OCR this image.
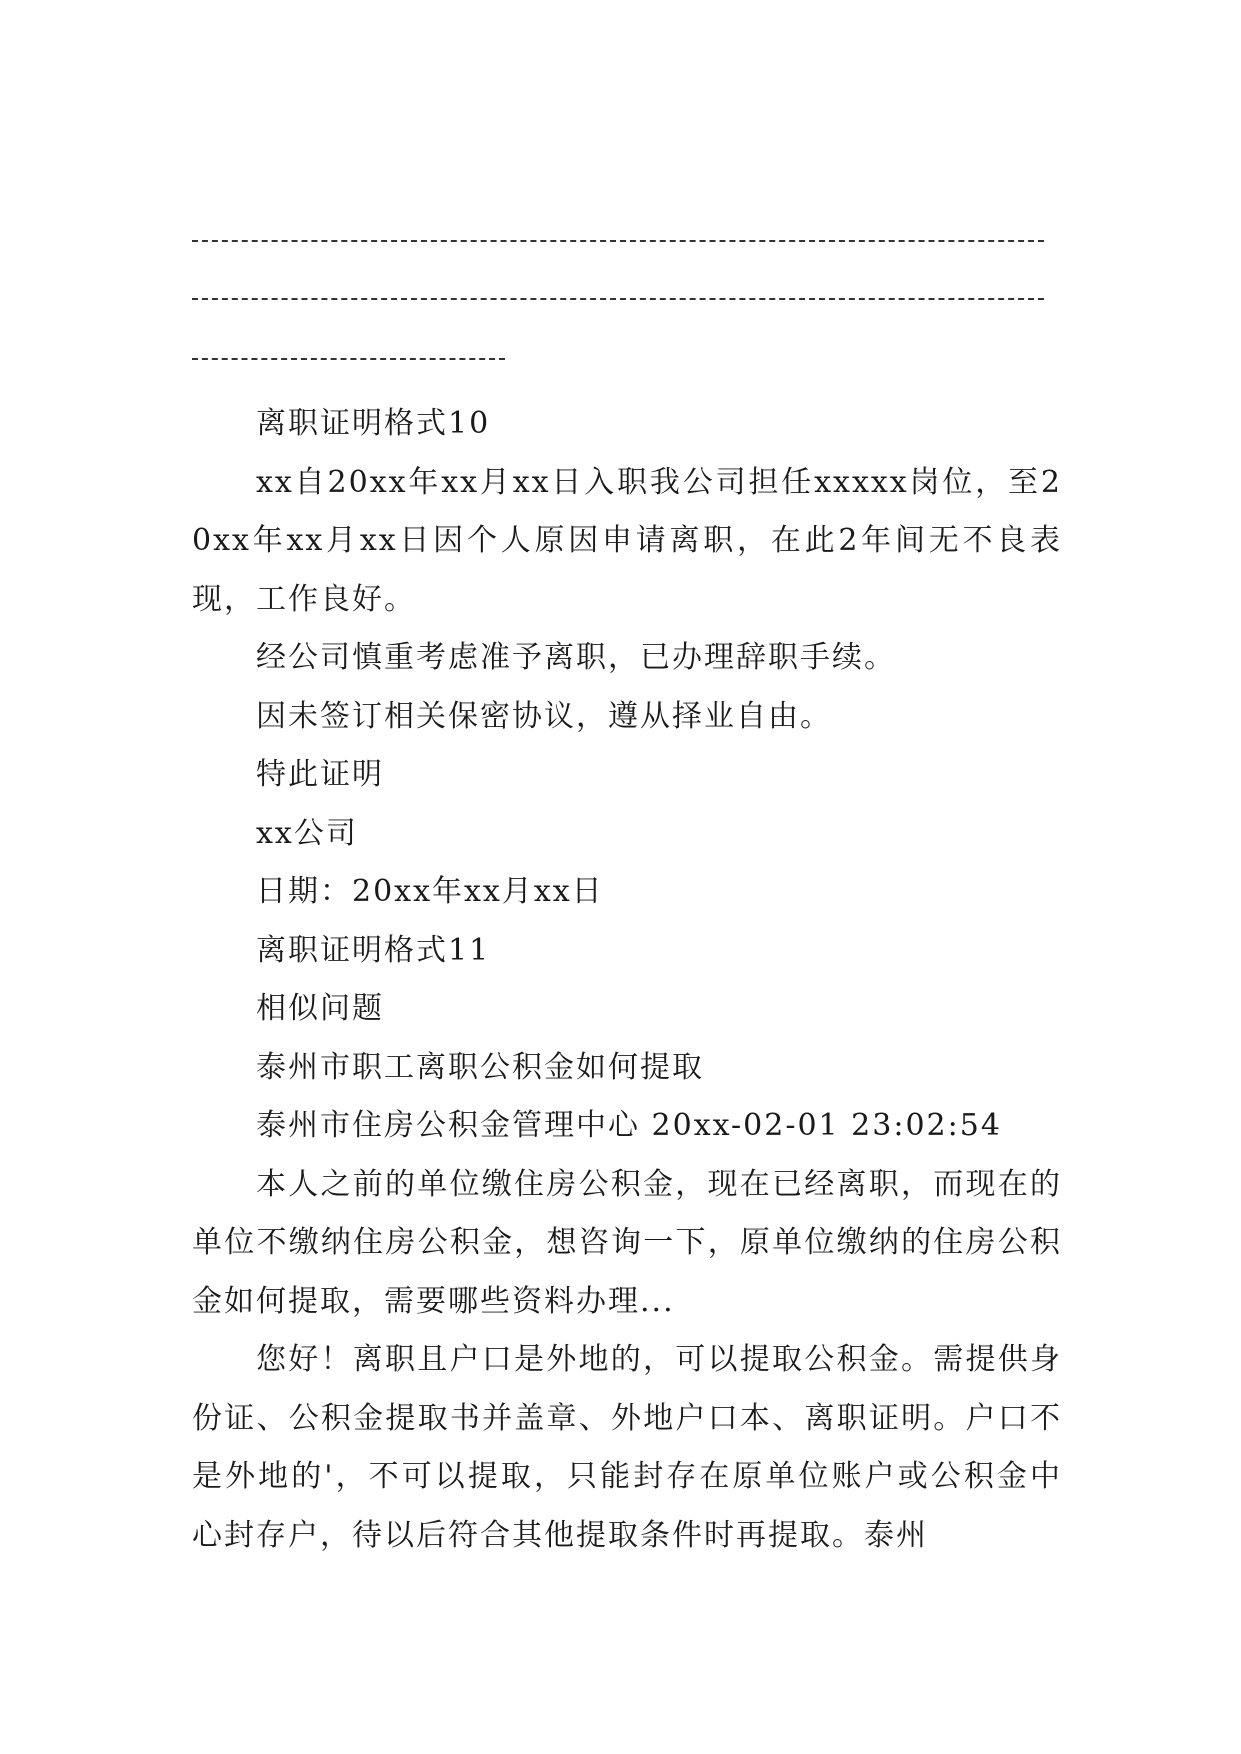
离职证明格式10

xx自20xx年xx月xx日入职我公司担任xxxxx岗位，至20xx年xx月xx日因个人原因申请离职，在此2年间无不良表现，工作良好。

经公司慎重考虑准予离职，已办理辞职手续。

因未签订相关保密协议，遵从择业自由。

特此证明

xx公司

日期：20xx年xx月xx日

离职证明格式11

相似问题

泰州市职工离职公积金如何提取

泰州市住房公积金管理中心 20xx-02-01 23:02:54

本人之前的单位缴住房公积金，现在已经离职，而现在的单位不缴纳住房公积金，想咨询一下，原单位缴纳的住房公积金如何提取，需要哪些资料办理...

您好！离职且户口是外地的，可以提取公积金。需提供身份证、公积金提取书并盖章、外地户口本、离职证明。户口不是外地的'，不可以提取，只能封存在原单位账户或公积金中心封存户，待以后符合其他提取条件时再提取。泰州
